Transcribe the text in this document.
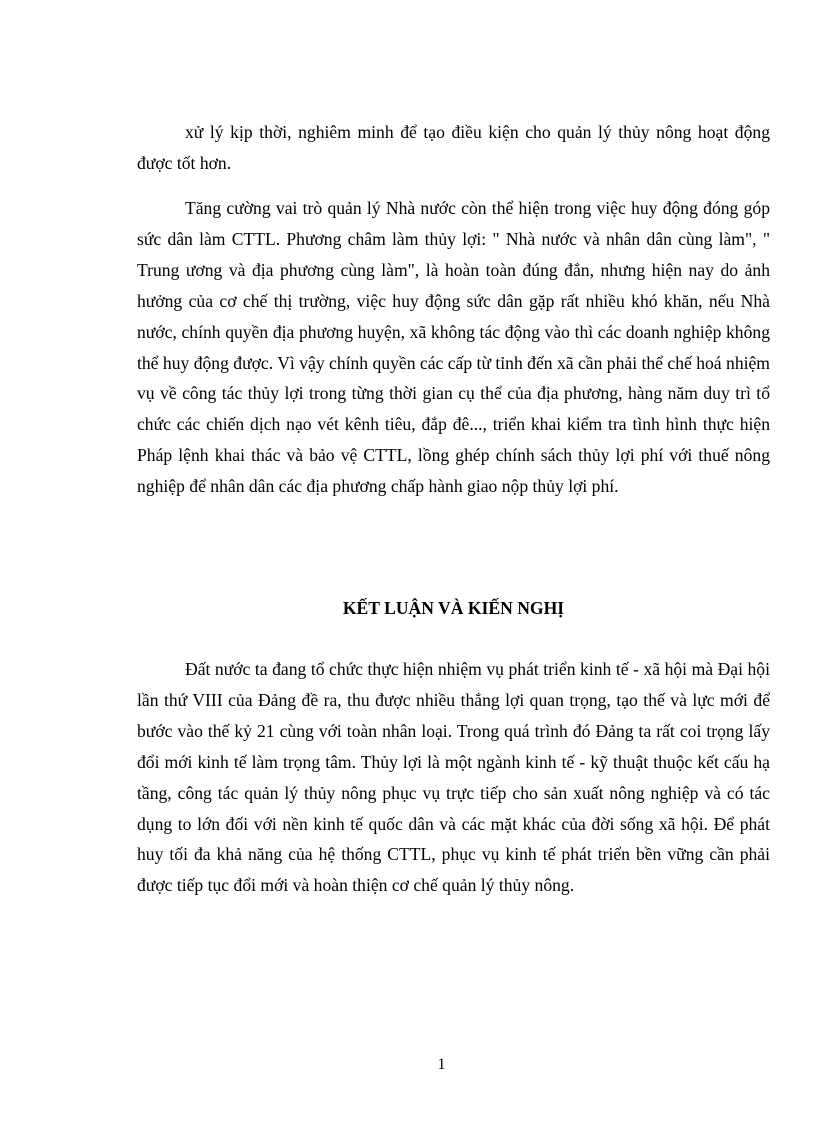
xử lý kịp thời, nghiêm minh để tạo điều kiện cho quản lý thủy nông hoạt động được tốt hơn.

Tăng cường vai trò quản lý Nhà nước còn thể hiện trong việc huy động đóng góp sức dân làm CTTL. Phương châm làm thủy lợi: " Nhà nước và nhân dân cùng làm", " Trung ương và địa phương cùng làm", là hoàn toàn đúng đắn, nhưng hiện nay do ảnh hưởng của cơ chế thị trường, việc huy động sức dân gặp rất nhiều khó khăn, nếu Nhà nước, chính quyền địa phương huyện, xã không tác động vào thì các doanh nghiệp không thể huy động được. Vì vậy chính quyền các cấp từ tỉnh đến xã cần phải thể chế hoá nhiệm vụ về công tác thủy lợi trong từng thời gian cụ thể của địa phương, hàng năm duy trì tổ chức các chiến dịch nạo vét kênh tiêu, đắp đê..., triển khai kiểm tra tình hình thực hiện Pháp lệnh khai thác và bảo vệ CTTL, lồng ghép chính sách thủy lợi phí với thuế nông nghiệp để nhân dân các địa phương chấp hành giao nộp thủy lợi phí.

KẾT LUẬN VÀ KIẾN NGHỊ

Đất nước ta đang tổ chức thực hiện nhiệm vụ phát triển kinh tế - xã hội mà Đại hội lần thứ VIII của Đảng đề ra, thu được nhiều thắng lợi quan trọng, tạo thế và lực mới để bước vào thế kỷ 21 cùng với toàn nhân loại. Trong quá trình đó Đảng ta rất coi trọng lấy đổi mới kinh tế làm trọng tâm. Thủy lợi là một ngành kinh tế - kỹ thuật thuộc kết cấu hạ tầng, công tác quản lý thủy nông phục vụ trực tiếp cho sản xuất nông nghiệp và có tác dụng to lớn đối với nền kinh tế quốc dân và các mặt khác của đời sống xã hội. Để phát huy tối đa khả năng của hệ thống CTTL, phục vụ kinh tế phát triển bền vững cần phải được tiếp tục đổi mới và hoàn thiện cơ chế quản lý thủy nông.

1
